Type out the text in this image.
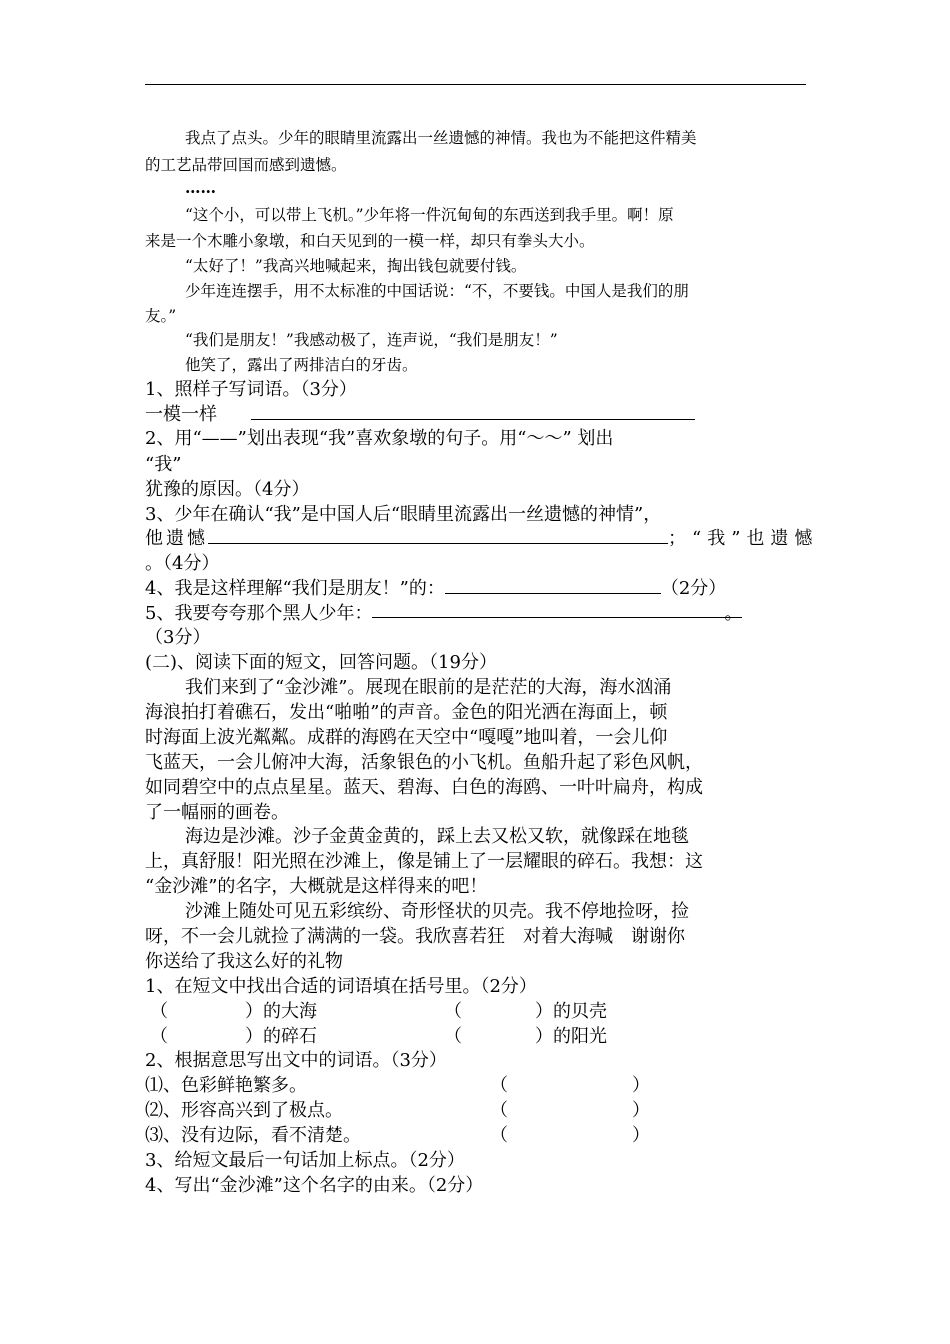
我点了点头。少年的眼睛里流露出一丝遗憾的神情。我也为不能把这件精美
的工艺品带回国而感到遗憾。
……
“这个小，可以带上飞机。”少年将一件沉甸甸的东西送到我手里。啊！原
来是一个木雕小象墩，和白天见到的一模一样，却只有拳头大小。
“太好了！”我高兴地喊起来，掏出钱包就要付钱。
少年连连摆手，用不太标准的中国话说：“不，不要钱。中国人是我们的朋
友。”
“我们是朋友！”我感动极了，连声说，“我们是朋友！”
他笑了，露出了两排洁白的牙齿。
1、照样子写词语。（3分）
一模一样
2、用“——”划出表现“我”喜欢象墩的句子。用“～～” 划出
“我”
犹豫的原因。（4分）
3、少年在确认“我”是中国人后“眼睛里流露出一丝遗憾的神情”，
他遗憾	；“我”也遗憾
。（4分）
4、我是这样理解“我们是朋友！”的：	（2分）
5、我要夸夸那个黑人少年：	。
（3分）
(二)、阅读下面的短文，回答问题。（19分）
我们来到了“金沙滩”。展现在眼前的是茫茫的大海，海水汹涌
海浪拍打着礁石，发出“啪啪”的声音。金色的阳光洒在海面上，顿
时海面上波光粼粼。成群的海鸥在天空中“嘎嘎”地叫着，一会儿仰
飞蓝天，一会儿俯冲大海，活象银色的小飞机。鱼船升起了彩色风帆，
如同碧空中的点点星星。蓝天、碧海、白色的海鸥、一叶叶扁舟，构成
了一幅丽的画卷。
海边是沙滩。沙子金黄金黄的，踩上去又松又软，就像踩在地毯
上，真舒服！阳光照在沙滩上，像是铺上了一层耀眼的碎石。我想：这
“金沙滩”的名字，大概就是这样得来的吧！
沙滩上随处可见五彩缤纷、奇形怪状的贝壳。我不停地捡呀，捡
呀，不一会儿就捡了满满的一袋。我欣喜若狂　对着大海喊　谢谢你
你送给了我这么好的礼物
1、在短文中找出合适的词语填在括号里。（2分）
（	）的大海	（	）的贝壳
（	）的碎石	（	）的阳光
2、根据意思写出文中的词语。（3分）
⑴、色彩鲜艳繁多。	（	）
⑵、形容高兴到了极点。	（	）
⑶、没有边际，看不清楚。	（	）
3、给短文最后一句话加上标点。（2分）
4、写出“金沙滩”这个名字的由来。（2分）
